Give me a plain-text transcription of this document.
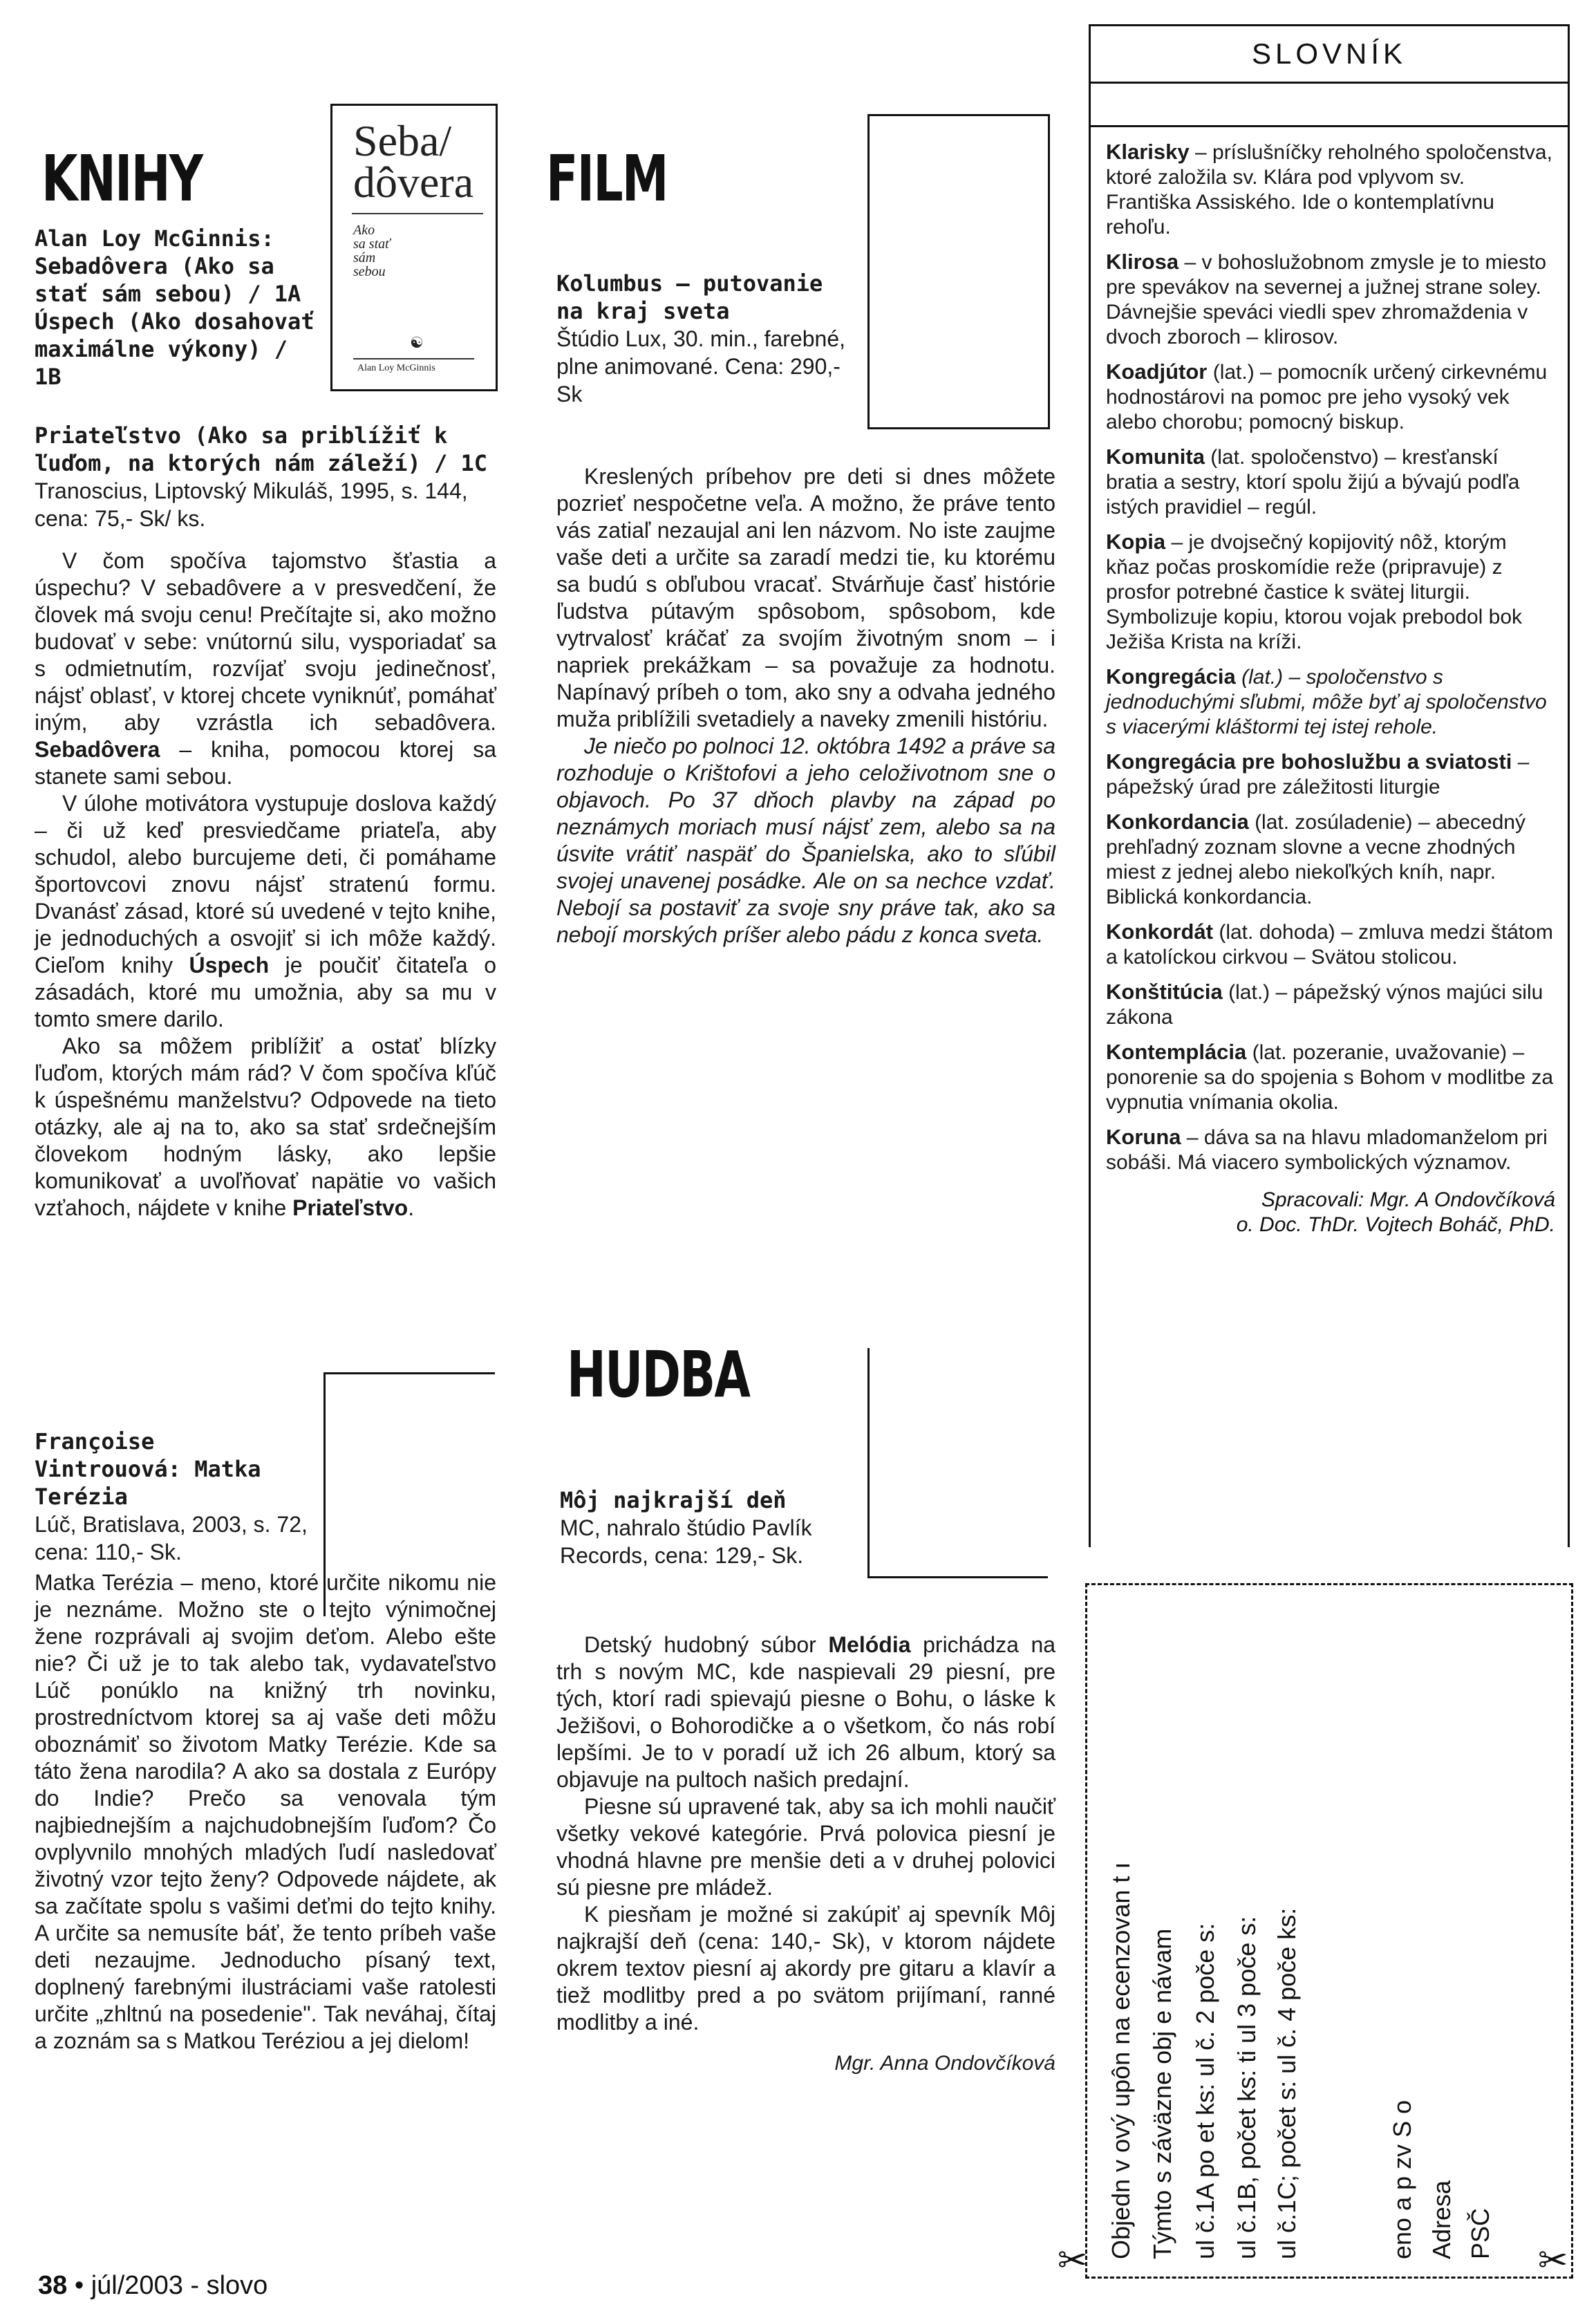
KNIHY
Seba/
dôvera
Ako
sa stať
sám
sebou
☯
Alan Loy McGinnis
Alan Loy McGinnis: Sebadôvera (Ako sa stať sám sebou) / 1A
Úspech (Ako dosahovať maximálne výkony) / 1B
Priateľstvo (Ako sa priblížiť k ľuďom, na ktorých nám záleží) / 1C
Tranoscius, Liptovský Mikuláš, 1995, s. 144, cena: 75,- Sk/ ks.

V čom spočíva tajomstvo šťastia a úspechu? V sebadôvere a v presvedčení, že človek má svoju cenu! Prečítajte si, ako možno budovať v sebe: vnútornú silu, vysporiadať sa s odmietnutím, rozvíjať svoju jedinečnosť, nájsť oblasť, v ktorej chcete vyniknúť, pomáhať iným, aby vzrástla ich sebadôvera. Sebadôvera – kniha, pomocou ktorej sa stanete sami sebou.

V úlohe motivátora vystupuje doslova každý – či už keď presviedčame priateľa, aby schudol, alebo burcujeme deti, či pomáhame športovcovi znovu nájsť stratenú formu. Dvanásť zásad, ktoré sú uvedené v tejto knihe, je jednoduchých a osvojiť si ich môže každý. Cieľom knihy Úspech je poučiť čitateľa o zásadách, ktoré mu umožnia, aby sa mu v tomto smere darilo.

Ako sa môžem priblížiť a ostať blízky ľuďom, ktorých mám rád? V čom spočíva kľúč k úspešnému manželstvu? Odpovede na tieto otázky, ale aj na to, ako sa stať srdečnejším človekom hodným lásky, ako lepšie komunikovať a uvoľňovať napätie vo vašich vzťahoch, nájdete v knihe Priateľstvo.

Françoise Vintrouová: Matka Terézia
Lúč, Bratislava, 2003, s. 72, cena: 110,- Sk.

Matka Terézia – meno, ktoré určite nikomu nie je neznáme. Možno ste o tejto výnimočnej žene rozprávali aj svojim deťom. Alebo ešte nie? Či už je to tak alebo tak, vydavateľstvo Lúč ponúklo na knižný trh novinku, prostredníctvom ktorej sa aj vaše deti môžu oboznámiť so životom Matky Terézie. Kde sa táto žena narodila? A ako sa dostala z Európy do Indie? Prečo sa venovala tým najbiednejším a najchudobnejším ľuďom? Čo ovplyvnilo mnohých mladých ľudí nasledovať životný vzor tejto ženy? Odpovede nájdete, ak sa začítate spolu s vašimi deťmi do tejto knihy. A určite sa nemusíte báť, že tento príbeh vaše deti nezaujme. Jednoducho písaný text, doplnený farebnými ilustráciami vaše ratolesti určite „zhltnú na posedenie". Tak neváhaj, čítaj a zoznám sa s Matkou Teréziou a jej dielom!

FILM
Kolumbus – putovanie na kraj sveta
Štúdio Lux, 30. min., farebné, plne animované. Cena: 290,- Sk

Kreslených príbehov pre deti si dnes môžete pozrieť nespočetne veľa. A možno, že práve tento vás zatiaľ nezaujal ani len názvom. No iste zaujme vaše deti a určite sa zaradí medzi tie, ku ktorému sa budú s obľubou vracať. Stvárňuje časť histórie ľudstva pútavým spôsobom, spôsobom, kde vytrvalosť kráčať za svojím životným snom – i napriek prekážkam – sa považuje za hodnotu. Napínavý príbeh o tom, ako sny a odvaha jedného muža priblížili svetadiely a naveky zmenili históriu.

Je niečo po polnoci 12. októbra 1492 a práve sa rozhoduje o Krištofovi a jeho celoživotnom sne o objavoch. Po 37 dňoch plavby na západ po neznámych moriach musí nájsť zem, alebo sa na úsvite vrátiť naspäť do Španielska, ako to sľúbil svojej unavenej posádke. Ale on sa nechce vzdať. Nebojí sa postaviť za svoje sny práve tak, ako sa nebojí morských príšer alebo pádu z konca sveta.

HUDBA
Môj najkrajší deň
MC, nahralo štúdio Pavlík Records, cena: 129,- Sk.

Detský hudobný súbor Melódia prichádza na trh s novým MC, kde naspievali 29 piesní, pre tých, ktorí radi spievajú piesne o Bohu, o láske k Ježišovi, o Bohorodičke a o všetkom, čo nás robí lepšími. Je to v poradí už ich 26 album, ktorý sa objavuje na pultoch našich predajní.

Piesne sú upravené tak, aby sa ich mohli naučiť všetky vekové kategórie. Prvá polovica piesní je vhodná hlavne pre menšie deti a v druhej polovici sú piesne pre mládež.

K piesňam je možné si zakúpiť aj spevník Môj najkrajší deň (cena: 140,- Sk), v ktorom nájdete okrem textov piesní aj akordy pre gitaru a klavír a tiež modlitby pred a po svätom prijímaní, ranné modlitby a iné.

Mgr. Anna Ondovčíková
SLOVNÍK
Klarisky – príslušníčky reholného spoločenstva, ktoré založila sv. Klára pod vplyvom sv. Františka Assiského. Ide o kontemplatívnu rehoľu.
Klirosa – v bohoslužobnom zmysle je to miesto pre spevákov na severnej a južnej strane soley. Dávnejšie speváci viedli spev zhromaždenia v dvoch zboroch – klirosov.
Koadjútor (lat.) – pomocník určený cirkevnému hodnostárovi na pomoc pre jeho vysoký vek alebo chorobu; pomocný biskup.
Komunita (lat. spoločenstvo) – kresťanskí bratia a sestry, ktorí spolu žijú a bývajú podľa istých pravidiel – regúl.
Kopia – je dvojsečný kopijovitý nôž, ktorým kňaz počas proskomídie reže (pripravuje) z prosfor potrebné častice k svätej liturgii. Symbolizuje kopiu, ktorou vojak prebodol bok Ježiša Krista na kríži.
Kongregácia (lat.) – spoločenstvo s jednoduchými sľubmi, môže byť aj spoločenstvo s viacerými kláštormi tej istej rehole.
Kongregácia pre bohoslužbu a sviatosti – pápežský úrad pre záležitosti liturgie
Konkordancia (lat. zosúladenie) – abecedný prehľadný zoznam slovne a vecne zhodných miest z jednej alebo niekoľkých kníh, napr. Biblická konkordancia.
Konkordát (lat. dohoda) – zmluva medzi štátom a katolíckou cirkvou – Svätou stolicou.
Konštitúcia (lat.) – pápežský výnos majúci silu zákona
Kontemplácia (lat. pozeranie, uvažovanie) – ponorenie sa do spojenia s Bohom v modlitbe za vypnutia vnímania okolia.
Koruna – dáva sa na hlavu mladomanželom pri sobáši. Má viacero symbolických významov.
Spracovali: Mgr. A Ondovčíková
o. Doc. ThDr. Vojtech Boháč, PhD.
Objedn v ový upôn na ecenzovan t ı Týmto s záväzne obj e návam ul č.1A po et ks: ul č. 2 poče s: ul č.1B, počet ks: ti ul 3 poče s: ul č.1C; počet s: ul č. 4 poče ks:	eno a p zv S o Adresa PSČ
✂	✂
38 • júl/2003 - slovo
